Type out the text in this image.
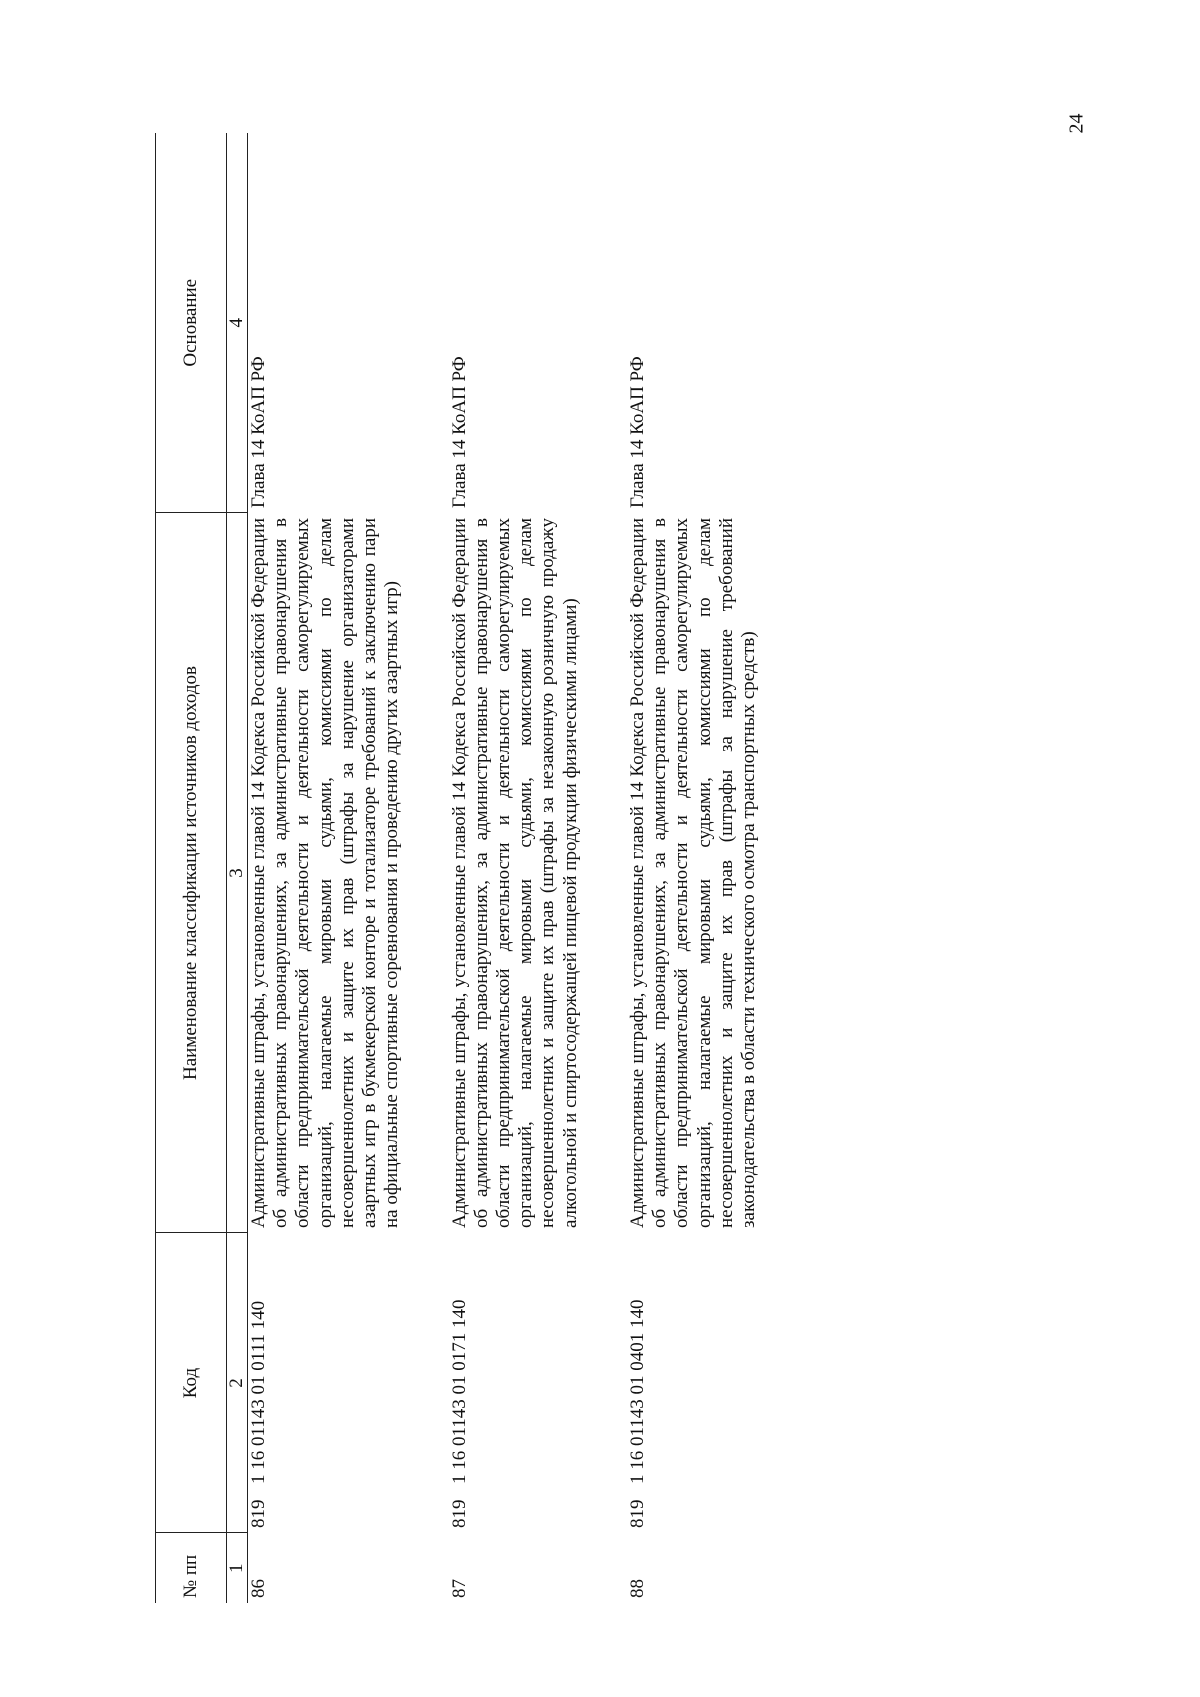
24
№ пп	Код	Наименование классификации источников доходов	Основание
1	2	3	4
86	8191 16 01143 01 0111 140	Административные штрафы, установленные главой 14 Кодекса Российской Федерации об административных правонарушениях, за административные правонарушения в области предпринимательской деятельности и деятельности саморегулируемых организаций, налагаемые мировыми судьями, комиссиями по делам несовершеннолетних и защите их прав (штрафы за нарушение организаторами азартных игр в букмекерской конторе и тотализаторе требований к заключению пари на официальные спортивные соревнования и проведению других азартных игр)	Глава 14 КоАП РФ
87	8191 16 01143 01 0171 140	Административные штрафы, установленные главой 14 Кодекса Российской Федерации об административных правонарушениях, за административные правонарушения в области предпринимательской деятельности и деятельности саморегулируемых организаций, налагаемые мировыми судьями, комиссиями по делам несовершеннолетних и защите их прав (штрафы за незаконную розничную продажу алкогольной и спиртосодержащей пищевой продукции физическими лицами)	Глава 14 КоАП РФ
88	8191 16 01143 01 0401 140	Административные штрафы, установленные главой 14 Кодекса Российской Федерации об административных правонарушениях, за административные правонарушения в области предпринимательской деятельности и деятельности саморегулируемых организаций, налагаемые мировыми судьями, комиссиями по делам несовершеннолетних и защите их прав (штрафы за нарушение требований законодательства в области технического осмотра транспортных средств)	Глава 14 КоАП РФ
